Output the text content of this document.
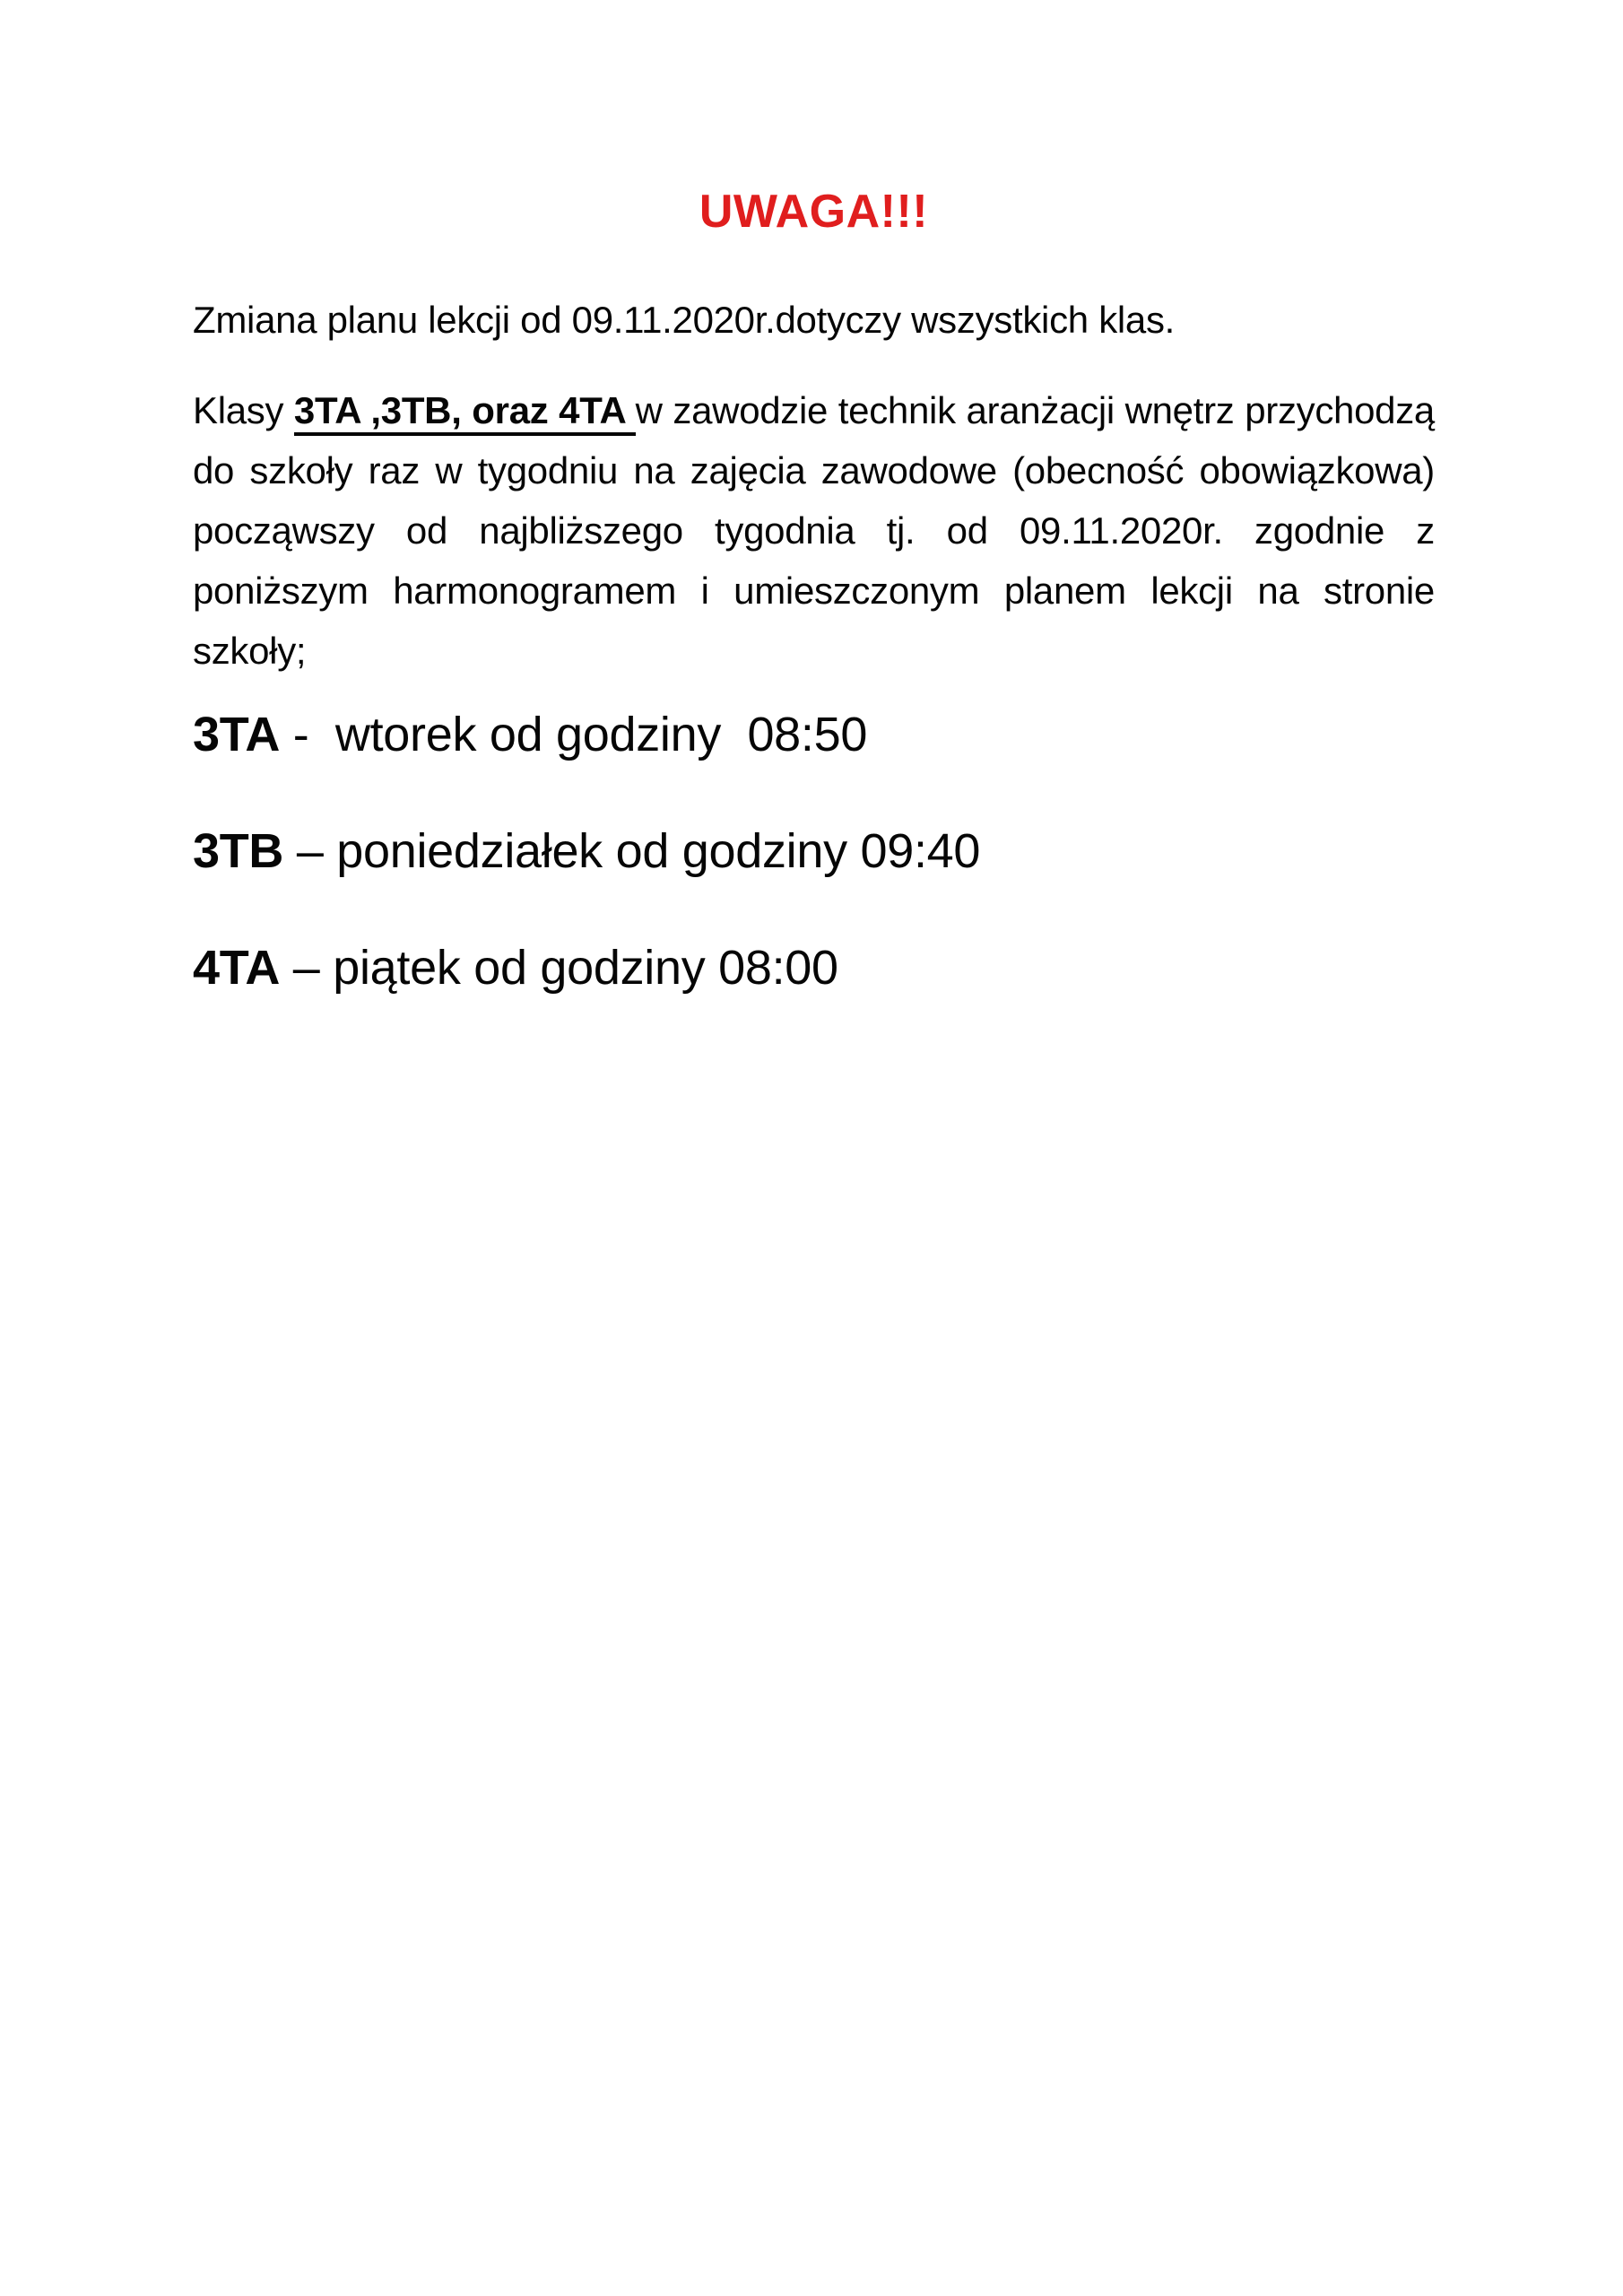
UWAGA!!!

Zmiana planu lekcji od 09.11.2020r.dotyczy wszystkich klas.

Klasy 3TA ,3TB, oraz 4TA w zawodzie technik aranżacji wnętrz przychodzą do szkoły raz w tygodniu na zajęcia zawodowe (obecność obowiązkowa) począwszy od najbliższego tygodnia tj. od 09.11.2020r. zgodnie z poniższym harmonogramem i umieszczonym planem lekcji na stronie szkoły;

3TA -  wtorek od godziny  08:50

3TB – poniedziałek od godziny 09:40

4TA – piątek od godziny 08:00
